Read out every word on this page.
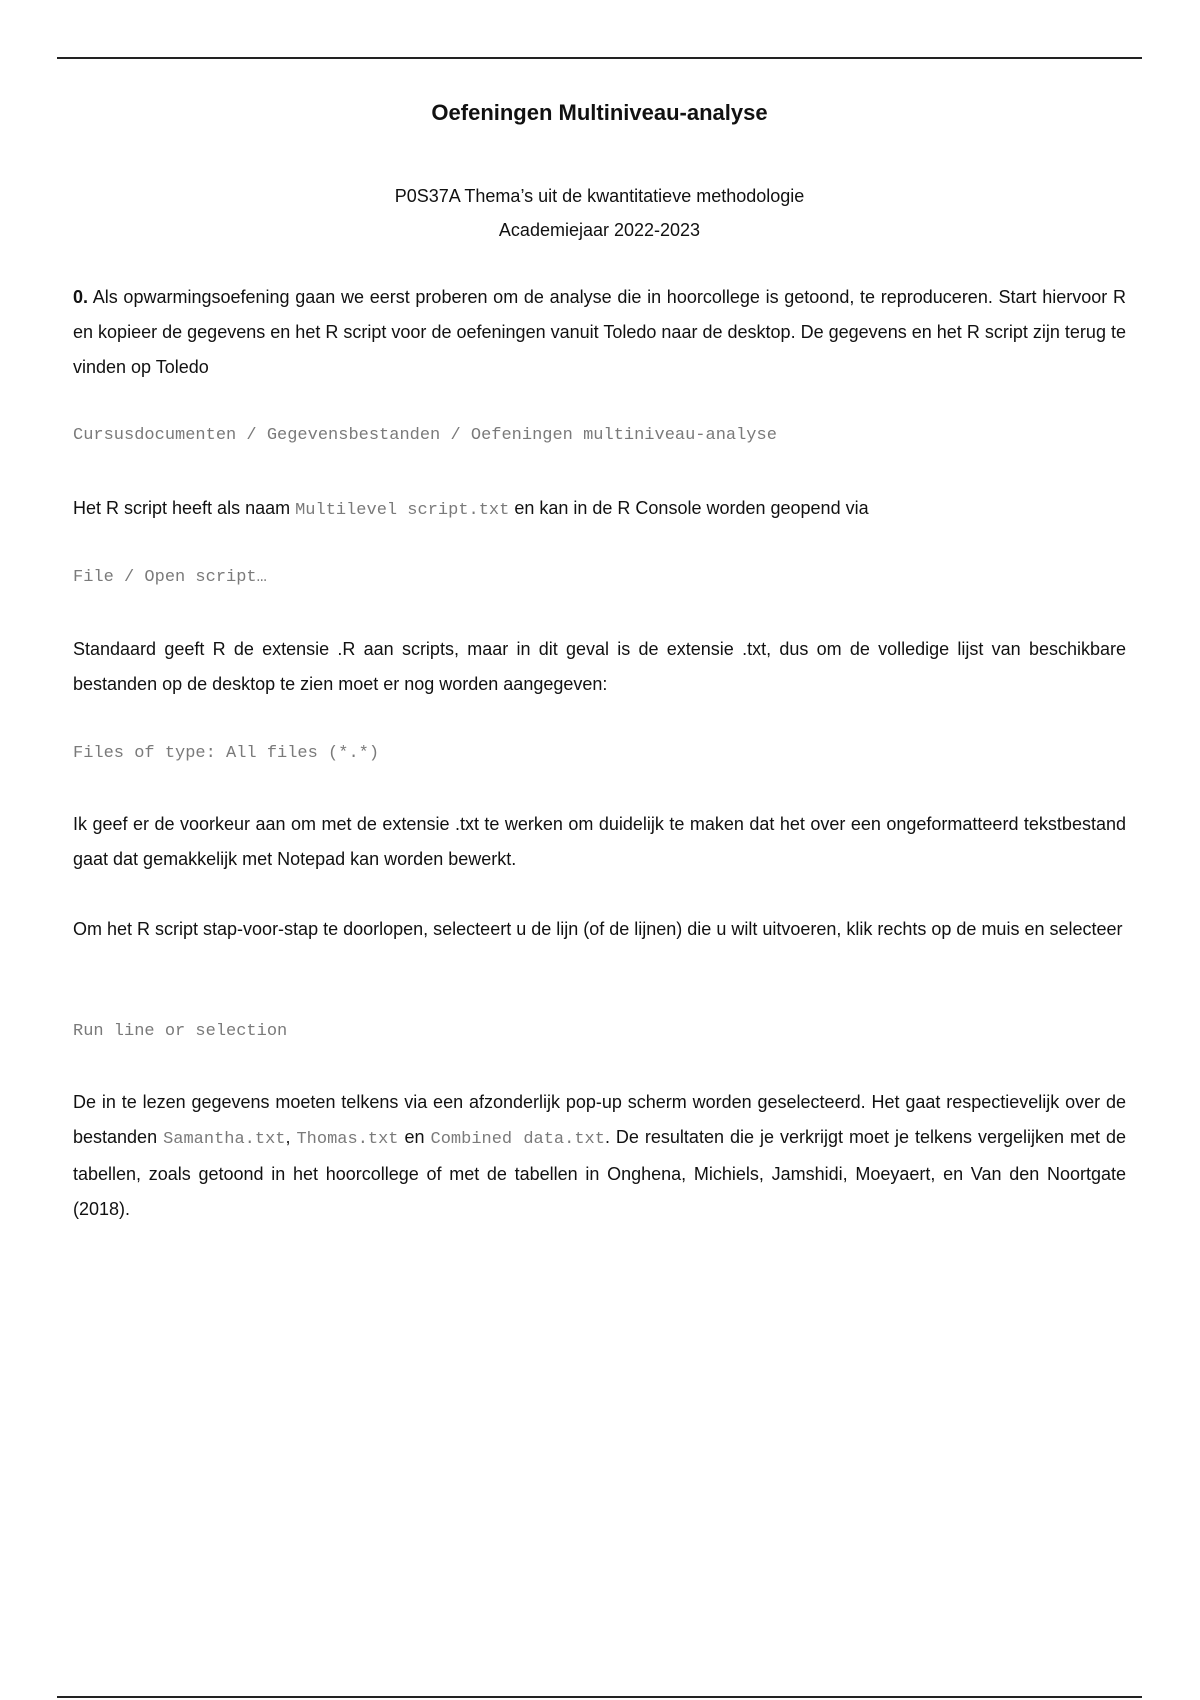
Oefeningen Multiniveau-analyse
P0S37A Thema’s uit de kwantitatieve methodologie
Academiejaar 2022-2023

0. Als opwarmingsoefening gaan we eerst proberen om de analyse die in hoorcollege is getoond, te reproduceren. Start hiervoor R en kopieer de gegevens en het R script voor de oefeningen vanuit Toledo naar de desktop. De gegevens en het R script zijn terug te vinden op Toledo

Cursusdocumenten / Gegevensbestanden / Oefeningen multiniveau-analyse

Het R script heeft als naam Multilevel script.txt en kan in de R Console worden geopend via

File / Open script…

Standaard geeft R de extensie .R aan scripts, maar in dit geval is de extensie .txt, dus om de volledige lijst van beschikbare bestanden op de desktop te zien moet er nog worden aangegeven:

Files of type: All files (*.*)

Ik geef er de voorkeur aan om met de extensie .txt te werken om duidelijk te maken dat het over een ongeformatteerd tekstbestand gaat dat gemakkelijk met Notepad kan worden bewerkt.

Om het R script stap-voor-stap te doorlopen, selecteert u de lijn (of de lijnen) die u wilt uitvoeren, klik rechts op de muis en selecteer

Run line or selection

De in te lezen gegevens moeten telkens via een afzonderlijk pop-up scherm worden geselecteerd. Het gaat respectievelijk over de bestanden Samantha.txt, Thomas.txt en Combined data.txt. De resultaten die je verkrijgt moet je telkens vergelijken met de tabellen, zoals getoond in het hoorcollege of met de tabellen in Onghena, Michiels, Jamshidi, Moeyaert, en Van den Noortgate (2018).
